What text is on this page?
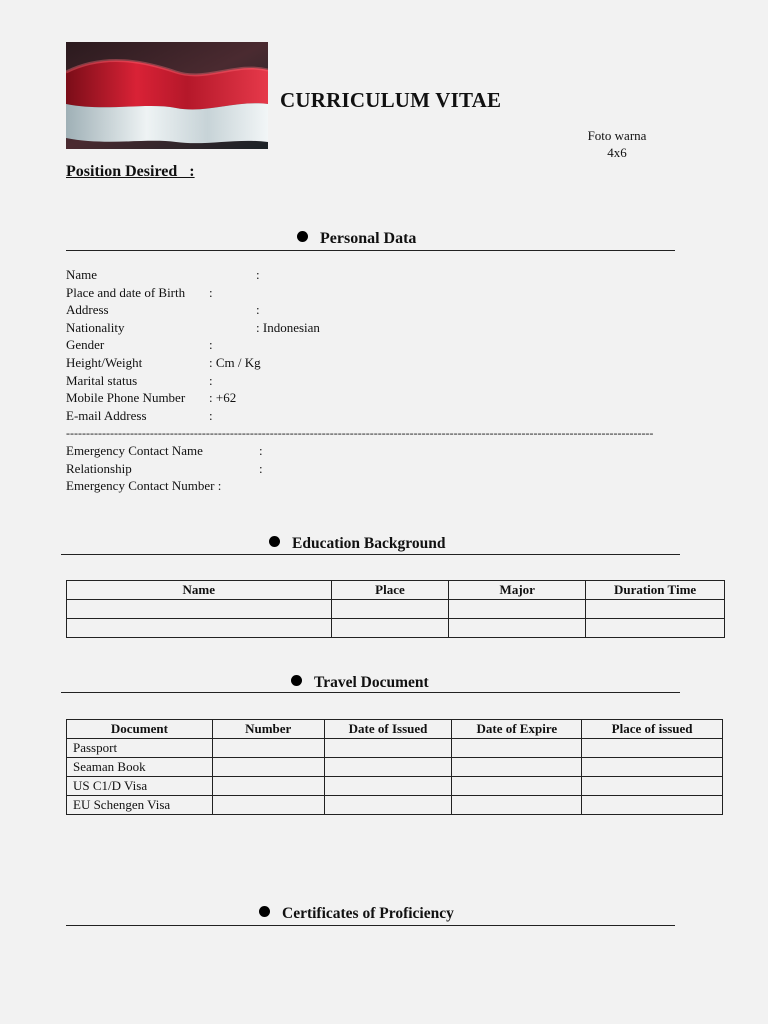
CURRICULUM VITAE
Foto warna
4x6
Position Desired   :
Personal Data
Name	:
Place and date of Birth :
Address	:
Nationality	: Indonesian
Gender	:
Height/Weight	: Cm / Kg
Marital status	:
Mobile Phone Number : +62
E-mail Address	:
---------------------------------------------------------------------------------------------------------------------------------------------------
Emergency Contact Name	:
Relationship	:
Emergency Contact Number :
Education Background
Name	Place	Major	Duration Time

Travel Document
Document	Number	Date of Issued	Date of Expire	Place of issued
Passport				
Seaman Book				
US C1/D Visa				
EU Schengen Visa				
Certificates of Proficiency
